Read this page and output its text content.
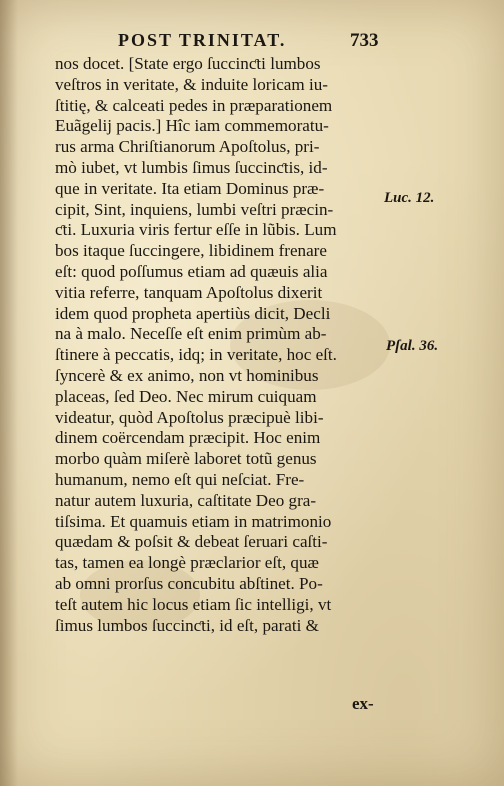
POST TRINITAT.	733
nos docet. [State ergo ſuccinƈti lumbos
veſtros in veritate, & induite loricam iu-
ſtitię, & calceati pedes in præparationem
Euãgelij pacis.] Hîc iam commemoratu-
rus arma Chriſtianorum Apoſtolus, pri-
mò iubet, vt lumbis ſimus ſuccinƈtis, id-
que in veritate. Ita etiam Dominus præ-
cipit, Sint, inquiens, lumbi veſtri præcin-
ƈti. Luxuria viris fertur eſſe in lũbis. Lum
bos itaque ſuccingere, libidinem frenare
eſt: quod poſſumus etiam ad quæuis alia
vitia referre, tanquam Apoſtolus dixerit
idem quod propheta apertiùs dicit, Decli
na à malo. Neceſſe eſt enim primùm ab-
ſtinere à peccatis, idq; in veritate, hoc eſt.
ſyncerè & ex animo, non vt hominibus
placeas, ſed Deo. Nec mirum cuiquam
videatur, quòd Apoſtolus præcipuè libi-
dinem coërcendam præcipit. Hoc enim
morbo quàm miſerè laboret totũ genus
humanum, nemo eſt qui neſciat. Fre-
natur autem luxuria, caſtitate Deo gra-
tiſsima. Et quamuis etiam in matrimonio
quædam & poſsit & debeat ſeruari caſti-
tas, tamen ea longè præclarior eſt, quæ
ab omni prorſus concubitu abſtinet. Po-
teſt autem hic locus etiam ſic intelligi, vt
ſimus lumbos ſuccinƈti, id eſt, parati &
Luc. 12.
Pſal. 36.
ex-
